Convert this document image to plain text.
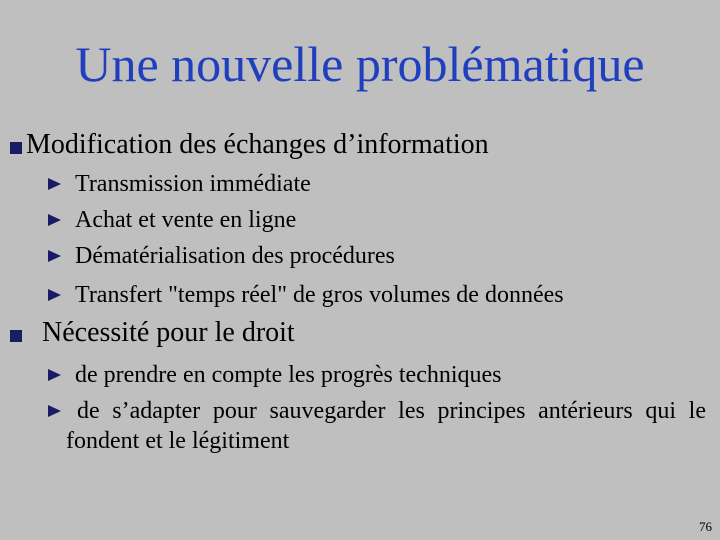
Une nouvelle problématique
Modification des échanges d’information
Transmission immédiate
Achat et vente en ligne
Dématérialisation des procédures
Transfert "temps réel" de gros volumes de données
Nécessité pour le droit
de prendre en compte les progrès techniques
de s’adapter pour sauvegarder les principes antérieurs qui le fondent et le légitiment
76
